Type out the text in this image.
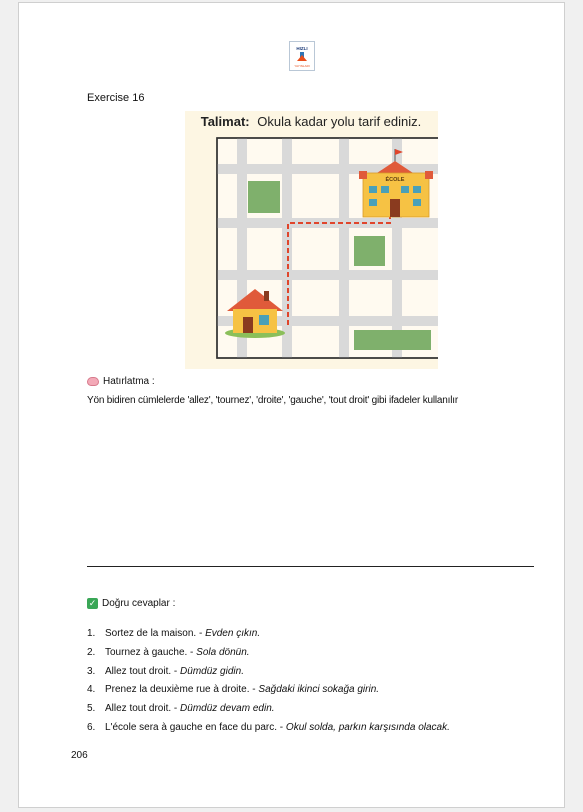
HIZLI
YAYINLARI
Exercise 16
Talimat: Okula kadar yolu tarif ediniz.
ÉCOLE
Hatırlatma :
Yön bidiren cümlelerde 'allez', 'tournez', 'droite', 'gauche', 'tout droit' gibi ifadeler kullanılır
✓ Doğru cevaplar :
1. Sortez de la maison. - Evden çıkın.
2. Tournez à gauche. - Sola dönün.
3. Allez tout droit. - Dümdüz gidin.
4. Prenez la deuxième rue à droite. - Sağdaki ikinci sokağa girin.
5. Allez tout droit. - Dümdüz devam edin.
6. L'école sera à gauche en face du parc. - Okul solda, parkın karşısında olacak.
206
